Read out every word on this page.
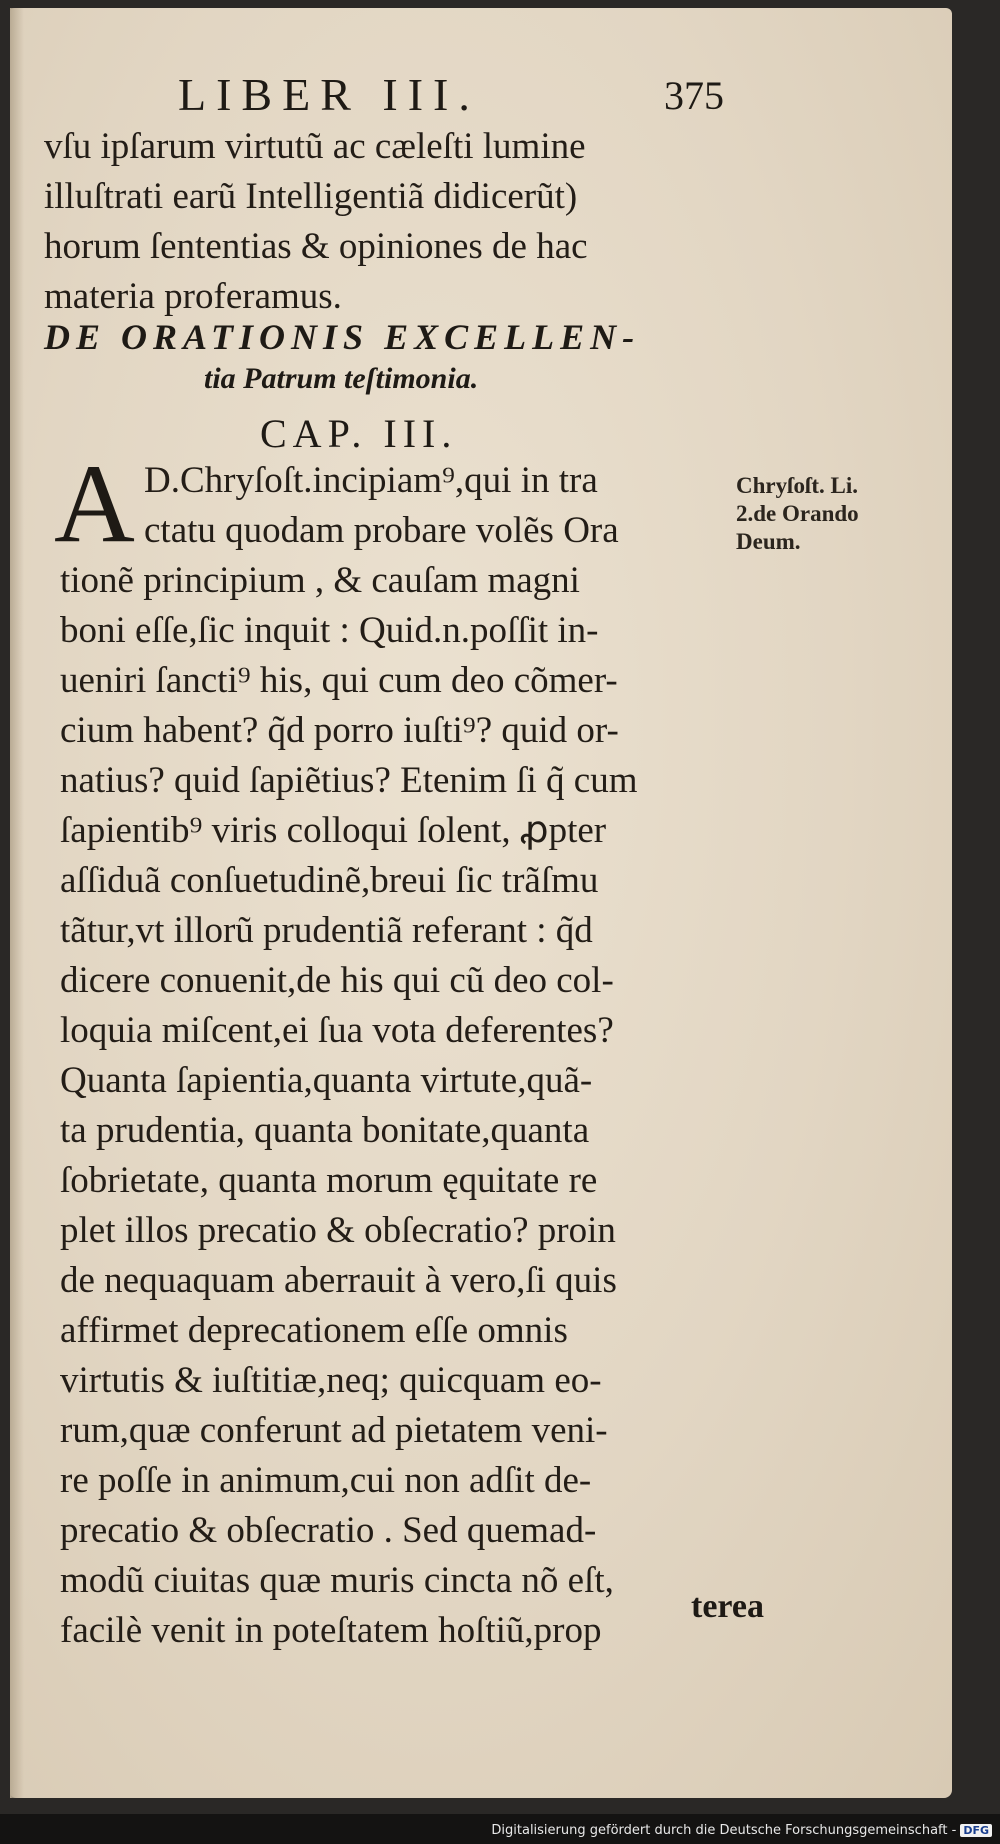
LIBER III.	375
vſu ipſarum virtutũ ac cæleſti lumine
illuſtrati earũ Intelligentiã didicerũt)
horum ſententias & opiniones de hac
materia proferamus.
DE ORATIONIS EXCELLEN-
tia Patrum teſtimonia.
CAP. III.
A D.Chryſoſt.incipiam⁹,qui in tra
ctatu quodam probare volẽs Ora
tionẽ principium , & cauſam magni
boni eſſe,ſic inquit : Quid.n.poſſit in-
ueniri ſancti⁹ his, qui cum deo cõmer-
cium habent? q̃d porro iuſti⁹? quid or-
natius? quid ſapiẽtius? Etenim ſi q̃ cum
ſapientib⁹ viris colloqui ſolent, ꝓpter
aſſiduã conſuetudinẽ,breui ſic trãſmu
tãtur,vt illorũ prudentiã referant : q̃d
dicere conuenit,de his qui cũ deo col-
loquia miſcent,ei ſua vota deferentes?
Quanta ſapientia,quanta virtute,quã-
ta prudentia, quanta bonitate,quanta
ſobrietate, quanta morum ęquitate re
plet illos precatio & obſecratio? proin
de nequaquam aberrauit à vero,ſi quis
affirmet deprecationem eſſe omnis
virtutis & iuſtitiæ,neq; quicquam eo-
rum,quæ conferunt ad pietatem veni-
re poſſe in animum,cui non adſit de-
precatio & obſecratio . Sed quemad-
modũ ciuitas quæ muris cincta nõ eſt,
facilè venit in poteſtatem hoſtiũ,prop
terea
Chryſoſt. Li.
2.de Orando
Deum.
Digitalisierung gefördert durch die Deutsche Forschungsgemeinschaft - DFG
